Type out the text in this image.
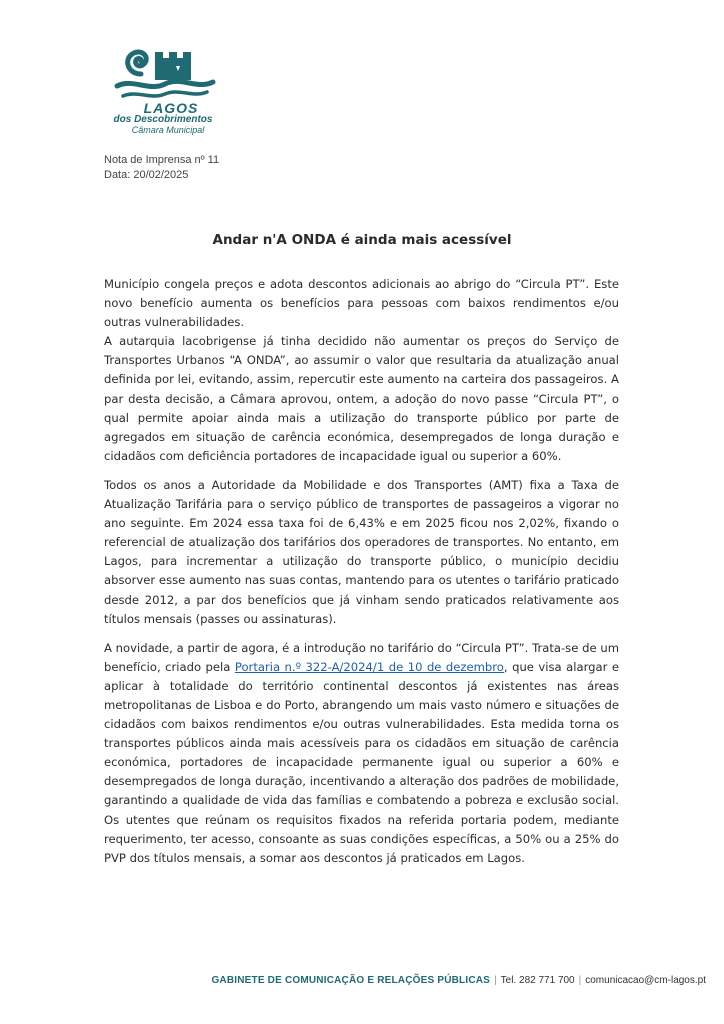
LAGOS
dos Descobrimentos
Câmara Municipal
Nota de Imprensa nº 11
Data: 20/02/2025
Andar n'A ONDA é ainda mais acessível

Município congela preços e adota descontos adicionais ao abrigo do “Circula PT”. Este novo benefício aumenta os benefícios para pessoas com baixos rendimentos e/ou outras vulnerabilidades.

A autarquia lacobrigense já tinha decidido não aumentar os preços do Serviço de Transportes Urbanos “A ONDA”, ao assumir o valor que resultaria da atualização anual definida por lei, evitando, assim, repercutir este aumento na carteira dos passageiros. A par desta decisão, a Câmara aprovou, ontem, a adoção do novo passe “Circula PT”, o qual permite apoiar ainda mais a utilização do transporte público por parte de agregados em situação de carência económica, desempregados de longa duração e cidadãos com deficiência portadores de incapacidade igual ou superior a 60%.

Todos os anos a Autoridade da Mobilidade e dos Transportes (AMT) fixa a Taxa de Atualização Tarifária para o serviço público de transportes de passageiros a vigorar no ano seguinte. Em 2024 essa taxa foi de 6,43% e em 2025 ficou nos 2,02%, fixando o referencial de atualização dos tarifários dos operadores de transportes. No entanto, em Lagos, para incrementar a utilização do transporte público, o município decidiu absorver esse aumento nas suas contas, mantendo para os utentes o tarifário praticado desde 2012, a par dos benefícios que já vinham sendo praticados relativamente aos títulos mensais (passes ou assinaturas).

A novidade, a partir de agora, é a introdução no tarifário do “Circula PT”. Trata-se de um benefício, criado pela Portaria n.º 322-A/2024/1 de 10 de dezembro, que visa alargar e aplicar à totalidade do território continental descontos já existentes nas áreas metropolitanas de Lisboa e do Porto, abrangendo um mais vasto número e situações de cidadãos com baixos rendimentos e/ou outras vulnerabilidades. Esta medida torna os transportes públicos ainda mais acessíveis para os cidadãos em situação de carência económica, portadores de incapacidade permanente igual ou superior a 60% e desempregados de longa duração, incentivando a alteração dos padrões de mobilidade, garantindo a qualidade de vida das famílias e combatendo a pobreza e exclusão social. Os utentes que reúnam os requisitos fixados na referida portaria podem, mediante requerimento, ter acesso, consoante as suas condições específicas, a 50% ou a 25% do PVP dos títulos mensais, a somar aos descontos já praticados em Lagos.

GABINETE DE COMUNICAÇÃO E RELAÇÕES PÚBLICAS | Tel. 282 771 700 | comunicacao@cm-lagos.pt
